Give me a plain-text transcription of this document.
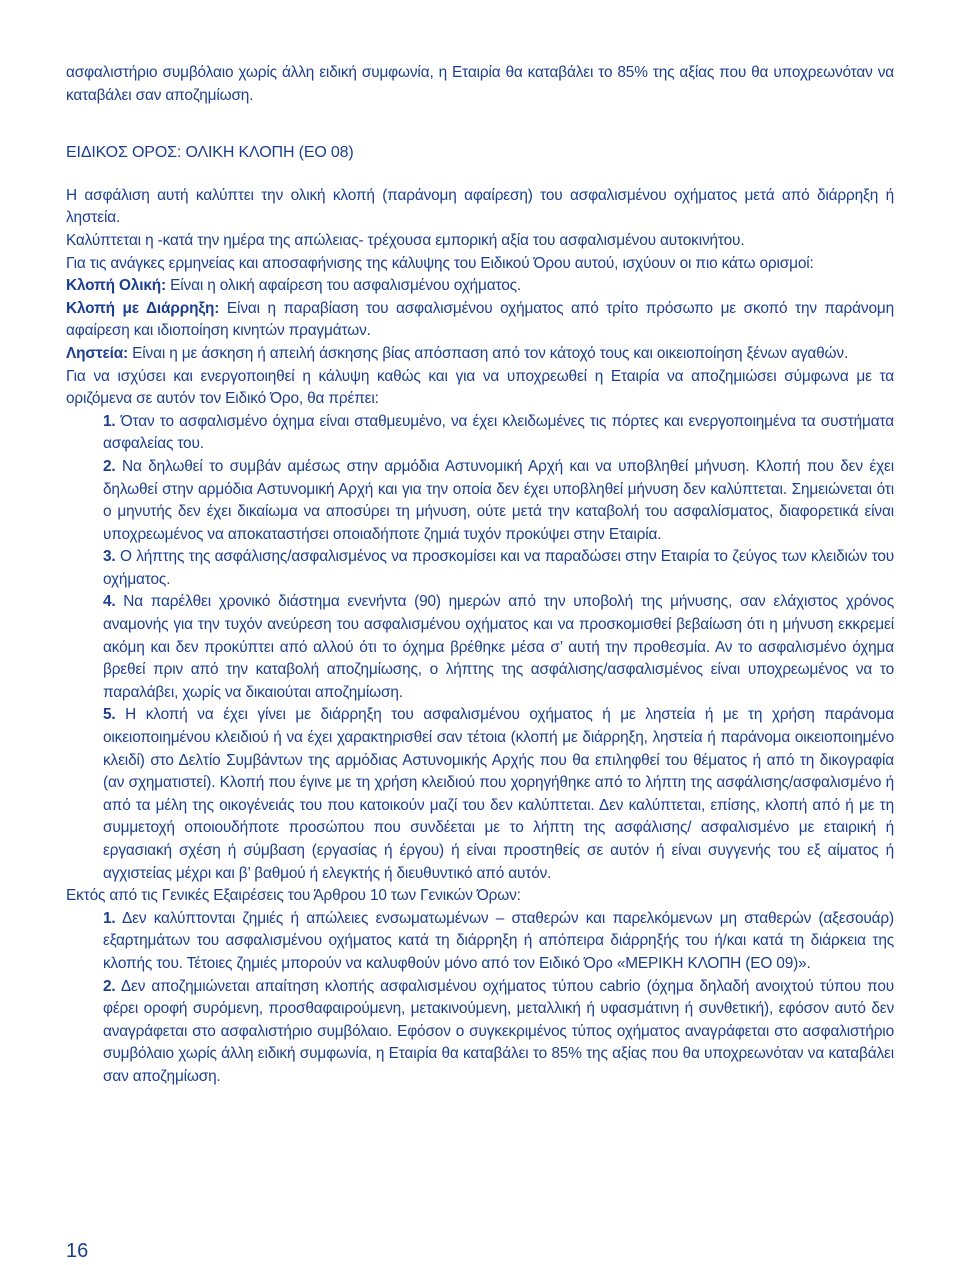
ασφαλιστήριο συμβόλαιο χωρίς άλλη ειδική συμφωνία, η Εταιρία θα καταβάλει το 85% της αξίας που θα υποχρεωνόταν να καταβάλει σαν αποζημίωση.

ΕΙΔΙΚΟΣ ΟΡΟΣ: ΟΛΙΚΗ ΚΛΟΠΗ (ΕΟ 08)

Η ασφάλιση αυτή καλύπτει την ολική κλοπή (παράνομη αφαίρεση) του ασφαλισμένου οχήματος μετά από διάρρηξη ή ληστεία.

Καλύπτεται η -κατά την ημέρα της απώλειας- τρέχουσα εμπορική αξία του ασφαλισμένου αυτοκινήτου.

Για τις ανάγκες ερμηνείας και αποσαφήνισης της κάλυψης του Ειδικού Όρου αυτού, ισχύουν οι πιο κάτω ορισμοί:

Κλοπή Ολική: Είναι η ολική αφαίρεση του ασφαλισμένου οχήματος.

Κλοπή με Διάρρηξη: Είναι η παραβίαση του ασφαλισμένου οχήματος από τρίτο πρόσωπο με σκοπό την παράνομη αφαίρεση και ιδιοποίηση κινητών πραγμάτων.

Ληστεία: Είναι η με άσκηση ή απειλή άσκησης βίας απόσπαση από τον κάτοχό τους και οικειοποίηση ξένων αγαθών.

Για να ισχύσει και ενεργοποιηθεί η κάλυψη καθώς και για να υποχρεωθεί η Εταιρία να αποζημιώσει σύμφωνα με τα οριζόμενα σε αυτόν τον Ειδικό Όρο, θα πρέπει:

1. Όταν το ασφαλισμένο όχημα είναι σταθμευμένο, να έχει κλειδωμένες τις πόρτες και ενεργοποιημένα τα συστήματα ασφαλείας του.

2. Να δηλωθεί το συμβάν αμέσως στην αρμόδια Αστυνομική Αρχή και να υποβληθεί μήνυση. Κλοπή που δεν έχει δηλωθεί στην αρμόδια Αστυνομική Αρχή και για την οποία δεν έχει υποβληθεί μήνυση δεν καλύπτεται. Σημειώνεται ότι ο μηνυτής δεν έχει δικαίωμα να αποσύρει τη μήνυση, ούτε μετά την καταβολή του ασφαλίσματος, διαφορετικά είναι υποχρεωμένος να αποκαταστήσει οποιαδήποτε ζημιά τυχόν προκύψει στην Εταιρία.

3. Ο λήπτης της ασφάλισης/ασφαλισμένος να προσκομίσει και να παραδώσει στην Εταιρία το ζεύγος των κλειδιών του οχήματος.

4. Να παρέλθει χρονικό διάστημα ενενήντα (90) ημερών από την υποβολή της μήνυσης, σαν ελάχιστος χρόνος αναμονής για την τυχόν ανεύρεση του ασφαλισμένου οχήματος και να προσκομισθεί βεβαίωση ότι η μήνυση εκκρεμεί ακόμη και δεν προκύπτει από αλλού ότι το όχημα βρέθηκε μέσα σ’ αυτή την προθεσμία. Αν το ασφαλισμένο όχημα βρεθεί πριν από την καταβολή αποζημίωσης, ο λήπτης της ασφάλισης/ασφαλισμένος είναι υποχρεωμένος να το παραλάβει, χωρίς να δικαιούται αποζημίωση.

5. Η κλοπή να έχει γίνει με διάρρηξη του ασφαλισμένου οχήματος ή με ληστεία ή με τη χρήση παράνομα οικειοποιημένου κλειδιού ή να έχει χαρακτηρισθεί σαν τέτοια (κλοπή με διάρρηξη, ληστεία ή παράνομα οικειοποιημένο κλειδί) στο Δελτίο Συμβάντων της αρμόδιας Αστυνομικής Αρχής που θα επιληφθεί του θέματος ή από τη δικογραφία (αν σχηματιστεί). Κλοπή που έγινε με τη χρήση κλειδιού που χορηγήθηκε από το λήπτη της ασφάλισης/ασφαλισμένο ή από τα μέλη της οικογένειάς του που κατοικούν μαζί του δεν καλύπτεται. Δεν καλύπτεται, επίσης, κλοπή από ή με τη συμμετοχή οποιουδήποτε προσώπου που συνδέεται με το λήπτη της ασφάλισης/ ασφαλισμένο με εταιρική ή εργασιακή σχέση ή σύμβαση (εργασίας ή έργου) ή είναι προστηθείς σε αυτόν ή είναι συγγενής του εξ αίματος ή αγχιστείας μέχρι και β’ βαθμού ή ελεγκτής ή διευθυντικό από αυτόν.

Εκτός από τις Γενικές Εξαιρέσεις του Άρθρου 10 των Γενικών Όρων:

1. Δεν καλύπτονται ζημιές ή απώλειες ενσωματωμένων – σταθερών και παρελκόμενων μη σταθερών (αξεσουάρ) εξαρτημάτων του ασφαλισμένου οχήματος κατά τη διάρρηξη ή απόπειρα διάρρηξής του ή/και κατά τη διάρκεια της κλοπής του. Τέτοιες ζημιές μπορούν να καλυφθούν μόνο από τον Ειδικό Όρο «ΜΕΡΙΚΗ ΚΛΟΠΗ (ΕΟ 09)».

2. Δεν αποζημιώνεται απαίτηση κλοπής ασφαλισμένου οχήματος τύπου cabrio (όχημα δηλαδή ανοιχτού τύπου που φέρει οροφή συρόμενη, προσθαφαιρούμενη, μετακινούμενη, μεταλλική ή υφασμάτινη ή συνθετική), εφόσον αυτό δεν αναγράφεται στο ασφαλιστήριο συμβόλαιο. Εφόσον ο συγκεκριμένος τύπος οχήματος αναγράφεται στο ασφαλιστήριο συμβόλαιο χωρίς άλλη ειδική συμφωνία, η Εταιρία θα καταβάλει το 85% της αξίας που θα υποχρεωνόταν να καταβάλει σαν αποζημίωση.

16
